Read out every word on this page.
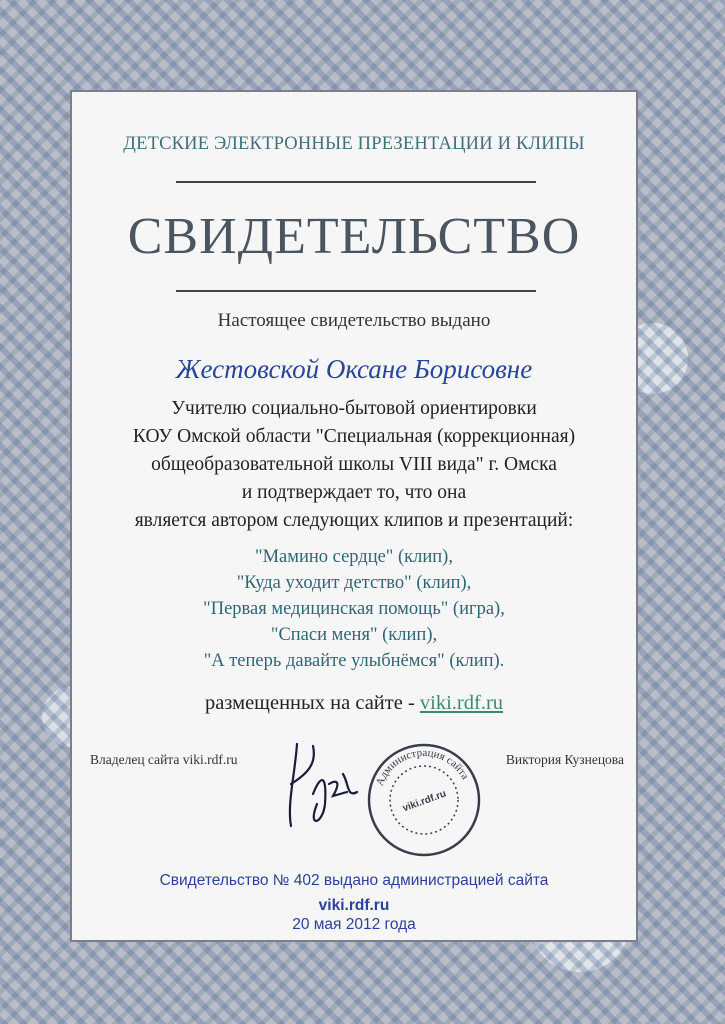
ДЕТСКИЕ ЭЛЕКТРОННЫЕ ПРЕЗЕНТАЦИИ И КЛИПЫ
СВИДЕТЕЛЬСТВО
Настоящее свидетельство выдано
Жестовской Оксане Борисовне
Учителю социально-бытовой ориентировки
КОУ Омской области "Специальная (коррекционная)
общеобразовательной школы VIII вида" г. Омска
и подтверждает то, что она
является автором следующих клипов и презентаций:
"Мамино сердце" (клип),
"Куда уходит детство" (клип),
"Первая медицинская помощь" (игра),
"Спаси меня" (клип),
"А теперь давайте улыбнёмся" (клип).
размещенных на сайте - viki.rdf.ru
Владелец сайта viki.rdf.ru	Виктория Кузнецова
Администрация сайта
viki.rdf.ru
Свидетельство № 402 выдано администрацией сайта
viki.rdf.ru
20 мая 2012 года
